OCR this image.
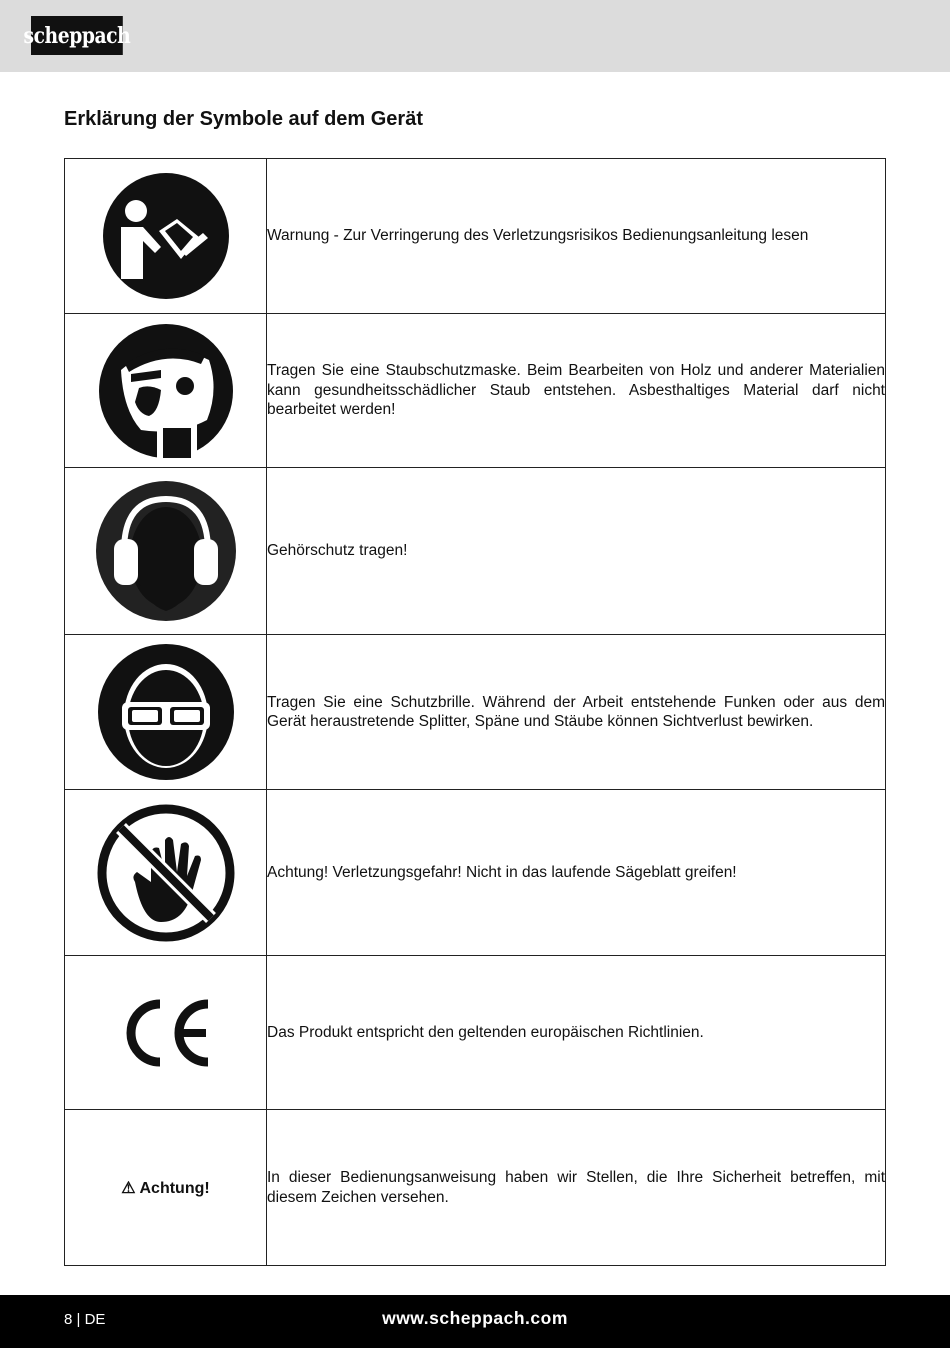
scheppach
Erklärung der Symbole auf dem Gerät
	Warnung - Zur Verringerung des Verletzungsrisikos Bedienungsanleitung lesen

	Tragen Sie eine Staubschutzmaske. Beim Bearbeiten von Holz und anderer Materialien kann gesundheitsschädlicher Staub entstehen. Asbesthaltiges Material darf nicht bearbeitet werden!

	Gehörschutz tragen!

	Tragen Sie eine Schutzbrille. Während der Arbeit entstehende Funken oder aus dem Gerät heraustretende Splitter, Späne und Stäube können Sichtverlust bewirken.

	Achtung! Verletzungsgefahr! Nicht in das laufende Sägeblatt greifen!

	Das Produkt entspricht den geltenden europäischen Richtlinien.
⚠ Achtung!	In dieser Bedienungsanweisung haben wir Stellen, die Ihre Sicherheit betreffen, mit diesem Zeichen versehen.
8 | DE	www.scheppach.com
